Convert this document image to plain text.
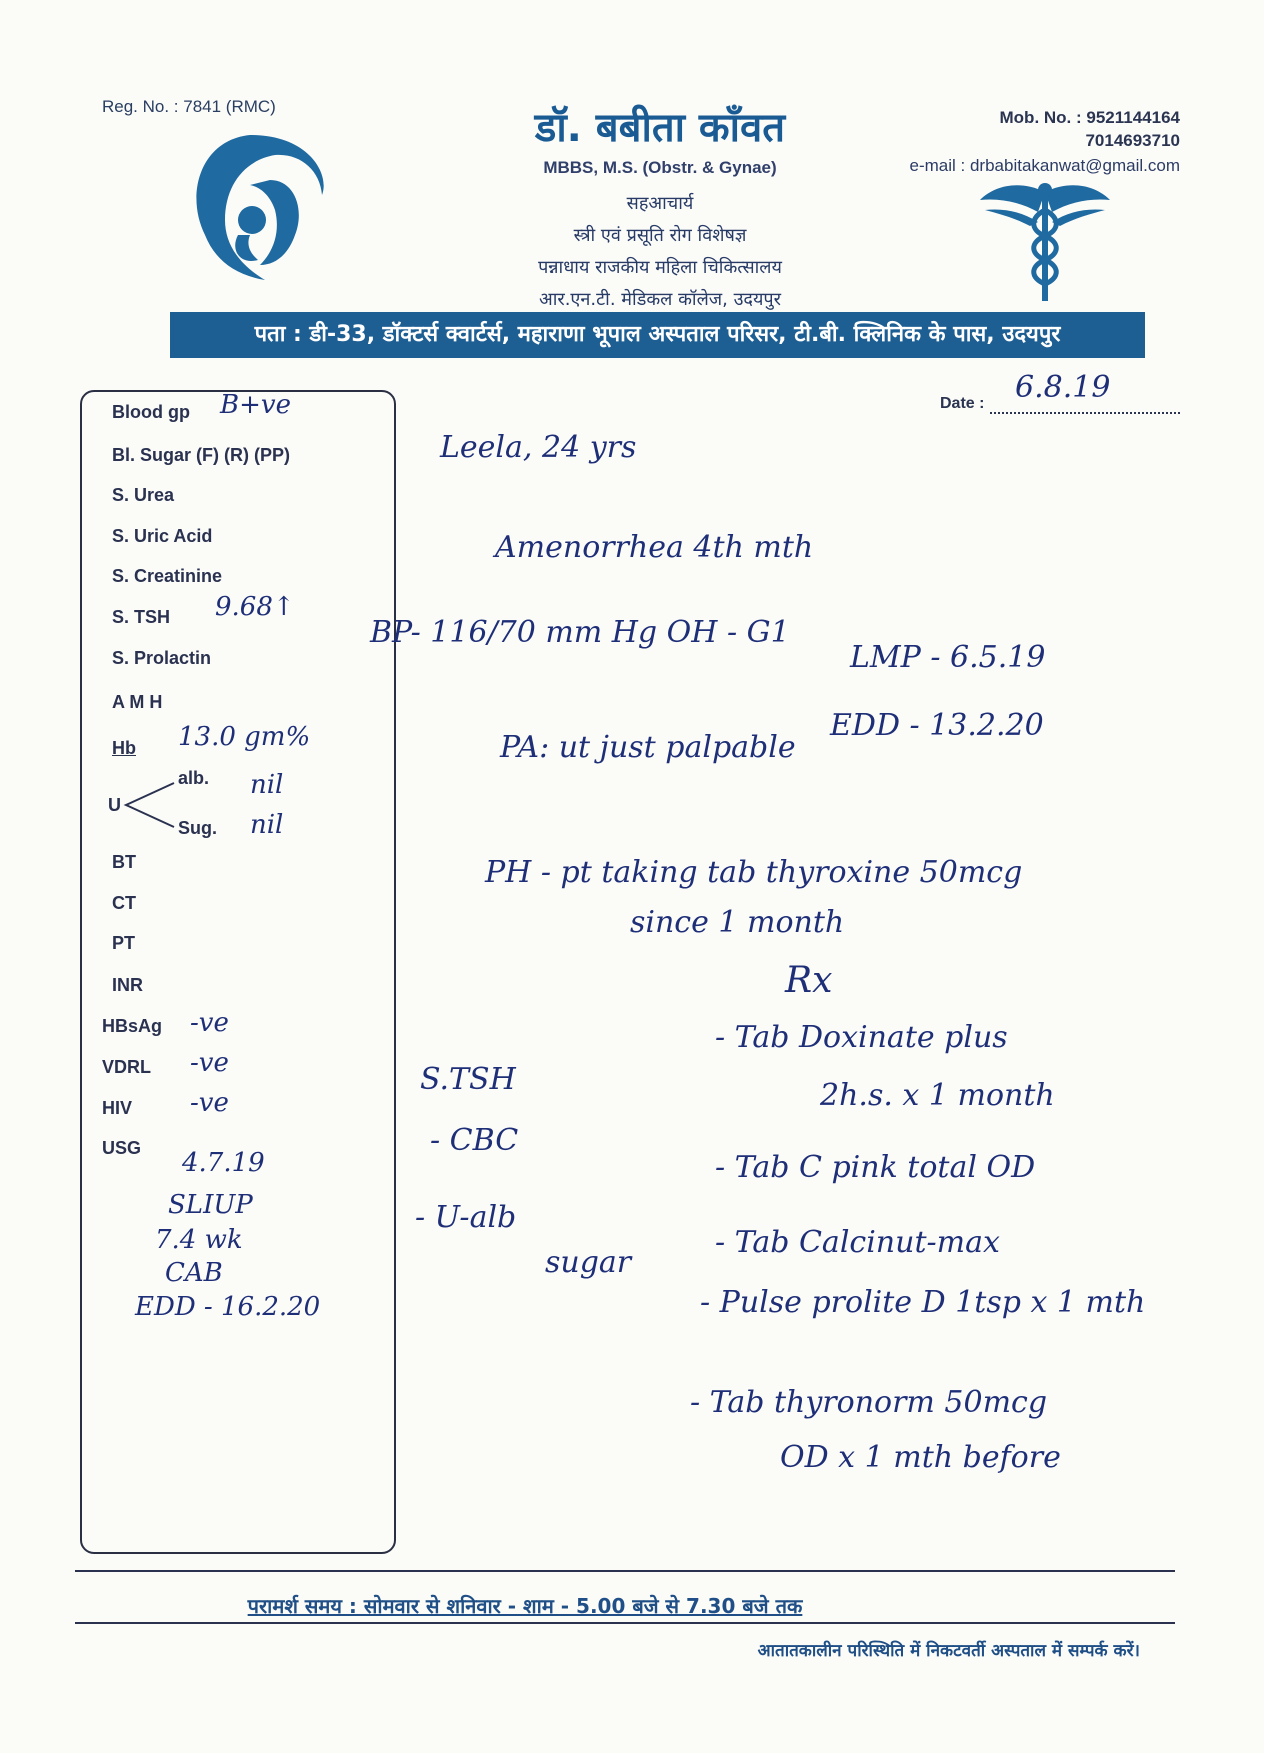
Reg. No. : 7841 (RMC)	डॉ. बबीता काँवत
MBBS, M.S. (Obstr. & Gynae)
सहआचार्य
स्त्री एवं प्रसूति रोग विशेषज्ञ
पन्नाधाय राजकीय महिला चिकित्सालय
आर.एन.टी. मेडिकल कॉलेज, उदयपुर
Mob. No. : 9521144164
7014693710
e-mail : drbabitakanwat@gmail.com
पता : डी-33, डॉक्टर्स क्वार्टर्स, महाराणा भूपाल अस्पताल परिसर, टी.बी. क्लिनिक के पास, उदयपुर
Date : 6.8.19
Blood gp
Bl. Sugar (F) (R) (PP)
S. Urea
S. Uric Acid
S. Creatinine
S. TSH
S. Prolactin
A M H
Hb
U
alb.
Sug.
BT
CT
PT
INR
HBsAg
VDRL
HIV
USG
B+ve
9.68↑
13.0 gm%
nil
nil
-ve
-ve
-ve
4.7.19
SLIUP
7.4 wk
CAB
EDD - 16.2.20
Leela, 24 yrs
Amenorrhea 4th mth
BP- 116/70 mm Hg OH - G1
LMP - 6.5.19
EDD - 13.2.20
PA: ut just palpable
PH - pt taking tab thyroxine 50mcg
since 1 month
S.TSH
- CBC
- U-alb
sugar
Rx
- Tab Doxinate plus
2h.s. x 1 month
- Tab C pink total OD
- Tab Calcinut-max
- Pulse prolite D 1tsp x 1 mth
- Tab thyronorm 50mcg
OD x 1 mth before
परामर्श समय : सोमवार से शनिवार - शाम - 5.00 बजे से 7.30 बजे तक
आतातकालीन परिस्थिति में निकटवर्ती अस्पताल में सम्पर्क करें।
